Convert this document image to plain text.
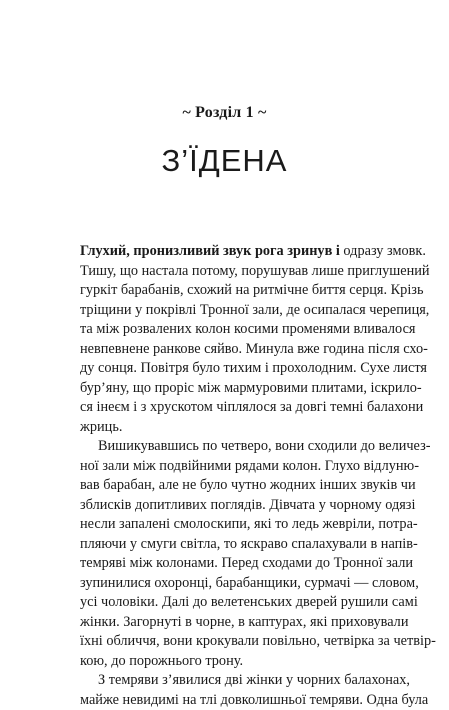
~ Розділ 1 ~
З’ЇДЕНА
Глухий, пронизливий звук рога зринув і одразу змовк.
Тишу, що настала потому, порушував лише приглушений
гуркіт барабанів, схожий на ритмічне биття серця. Крізь
тріщини у покрівлі Тронної зали, де осипалася черепиця,
та між розвалених колон косими променями вливалося
невпевнене ранкове сяйво. Минула вже година після схо-
ду сонця. Повітря було тихим і прохолодним. Сухе листя
бур’яну, що проріс між мармуровими плитами, іскрило-
ся інеєм і з хрускотом чіплялося за довгі темні балахони
жриць.
Вишикувавшись по четверо, вони сходили до величез-
ної зали між подвійними рядами колон. Глухо відлуню-
вав барабан, але не було чутно жодних інших звуків чи
зблисків допитливих поглядів. Дівчата у чорному одязі
несли запалені смолоскипи, які то ледь жевріли, потра-
пляючи у смуги світла, то яскраво спалахували в напів-
темряві між колонами. Перед сходами до Тронної зали
зупинилися охоронці, барабанщики, сурмачі — словом,
усі чоловіки. Далі до велетенських дверей рушили самі
жінки. Загорнуті в чорне, в каптурах, які приховували
їхні обличчя, вони крокували повільно, четвірка за четвір-
кою, до порожнього трону.
З темряви з’явилися дві жінки у чорних балахонах,
майже невидимі на тлі довколишньої темряви. Одна була
